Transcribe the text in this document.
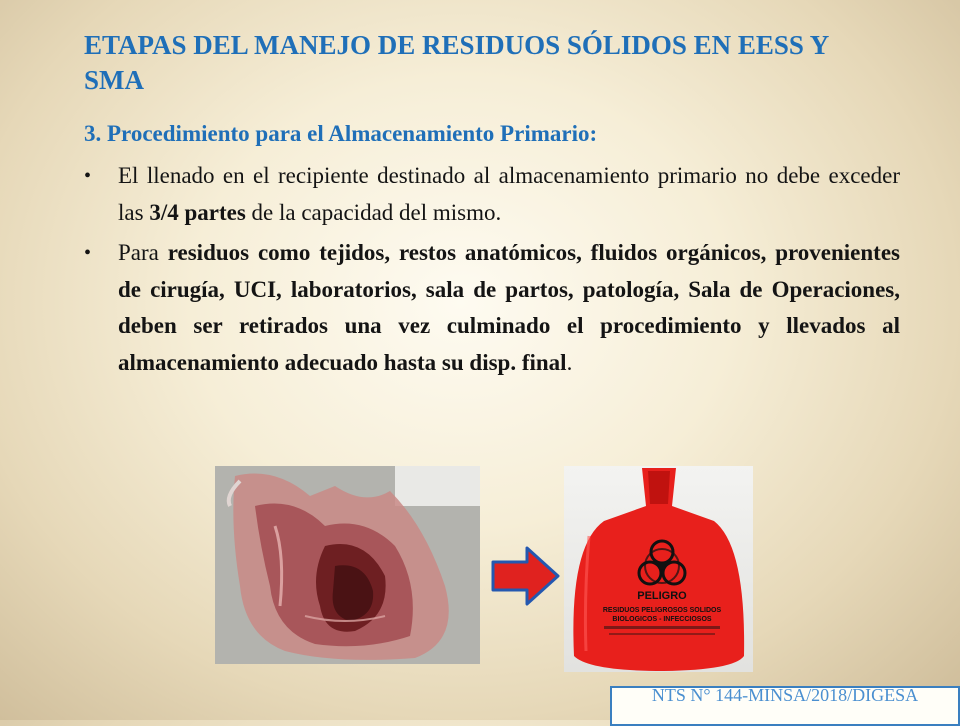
ETAPAS DEL MANEJO DE RESIDUOS SÓLIDOS EN EESS Y SMA
3. Procedimiento para el Almacenamiento Primario:
•	El llenado en el recipiente destinado al almacenamiento primario no debe exceder las 3/4 partes de la capacidad del mismo.
•	Para residuos como tejidos, restos anatómicos, fluidos orgánicos, provenientes de cirugía, UCI, laboratorios, sala de partos, patología, Sala de Operaciones, deben ser retirados una vez culminado el procedimiento y llevados al almacenamiento adecuado hasta su disp. final.
PELIGRO
RESIDUOS PELIGROSOS SOLIDOS
BIOLOGICOS - INFECCIOSOS
NTS N° 144-MINSA/2018/DIGESA
